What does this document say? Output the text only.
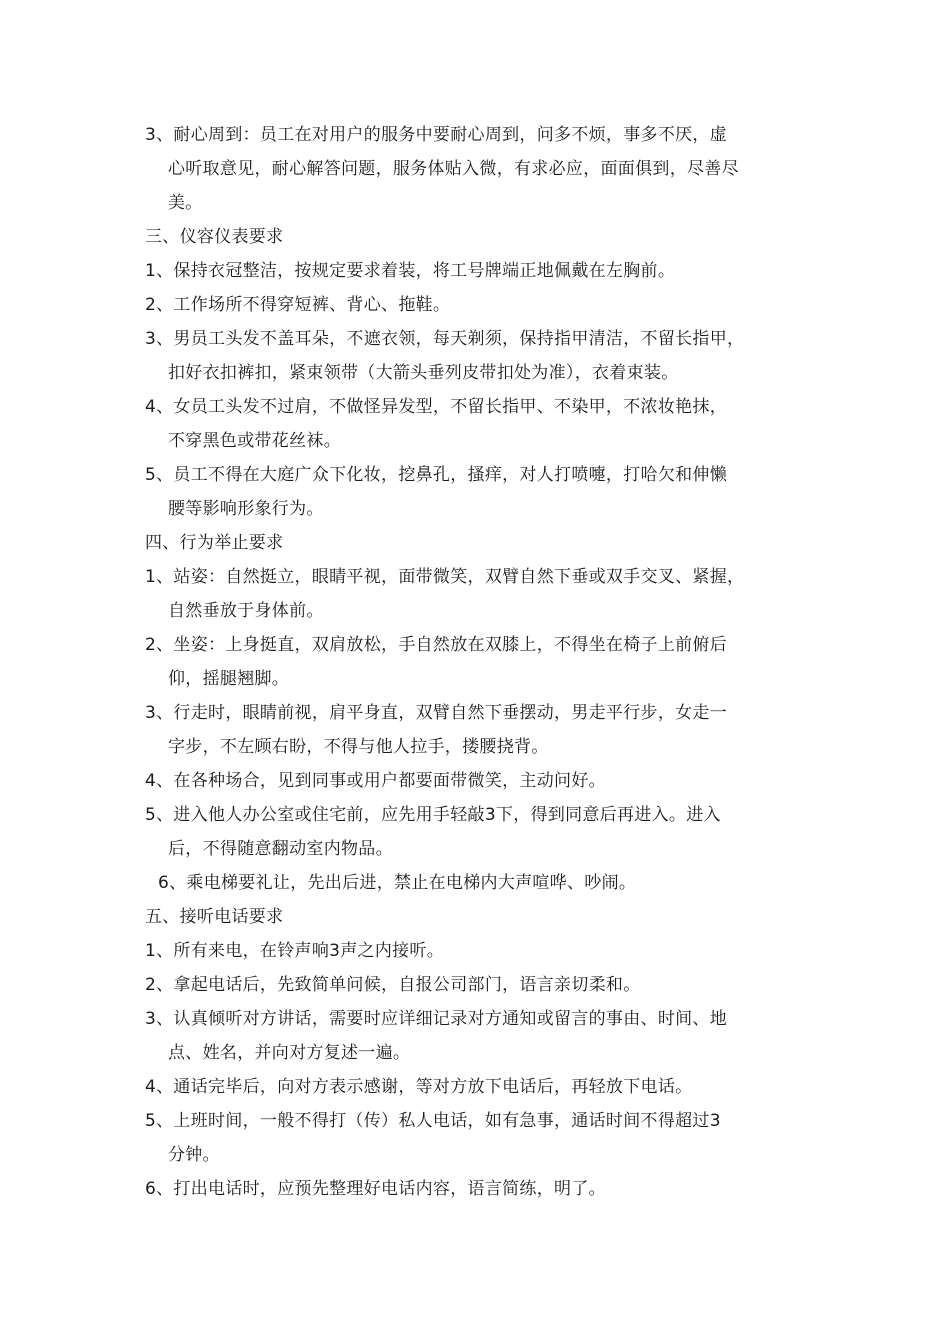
3、耐心周到：员工在对用户的服务中要耐心周到，问多不烦，事多不厌，虚
心听取意见，耐心解答问题，服务体贴入微，有求必应，面面俱到，尽善尽
美。
三、仪容仪表要求
1、保持衣冠整洁，按规定要求着装，将工号牌端正地佩戴在左胸前。
2、工作场所不得穿短裤、背心、拖鞋。
3、男员工头发不盖耳朵，不遮衣领，每天剃须，保持指甲清洁，不留长指甲，
扣好衣扣裤扣，紧束领带（大箭头垂列皮带扣处为准），衣着束装。
4、女员工头发不过肩，不做怪异发型，不留长指甲、不染甲，不浓妆艳抹，
不穿黑色或带花丝袜。
5、员工不得在大庭广众下化妆，挖鼻孔，搔痒，对人打喷嚏，打哈欠和伸懒
腰等影响形象行为。
四、行为举止要求
1、站姿：自然挺立，眼睛平视，面带微笑，双臂自然下垂或双手交叉、紧握，
自然垂放于身体前。
2、坐姿：上身挺直，双肩放松，手自然放在双膝上，不得坐在椅子上前俯后
仰，摇腿翘脚。
3、行走时，眼睛前视，肩平身直，双臂自然下垂摆动，男走平行步，女走一
字步，不左顾右盼，不得与他人拉手，搂腰挠背。
4、在各种场合，见到同事或用户都要面带微笑，主动问好。
5、进入他人办公室或住宅前，应先用手轻敲3下，得到同意后再进入。进入
后，不得随意翻动室内物品。
6、乘电梯要礼让，先出后进，禁止在电梯内大声喧哗、吵闹。
五、接听电话要求
1、所有来电，在铃声响3声之内接听。
2、拿起电话后，先致简单问候，自报公司部门，语言亲切柔和。
3、认真倾听对方讲话，需要时应详细记录对方通知或留言的事由、时间、地
点、姓名，并向对方复述一遍。
4、通话完毕后，向对方表示感谢，等对方放下电话后，再轻放下电话。
5、上班时间，一般不得打（传）私人电话，如有急事，通话时间不得超过3
分钟。
6、打出电话时，应预先整理好电话内容，语言简练，明了。
